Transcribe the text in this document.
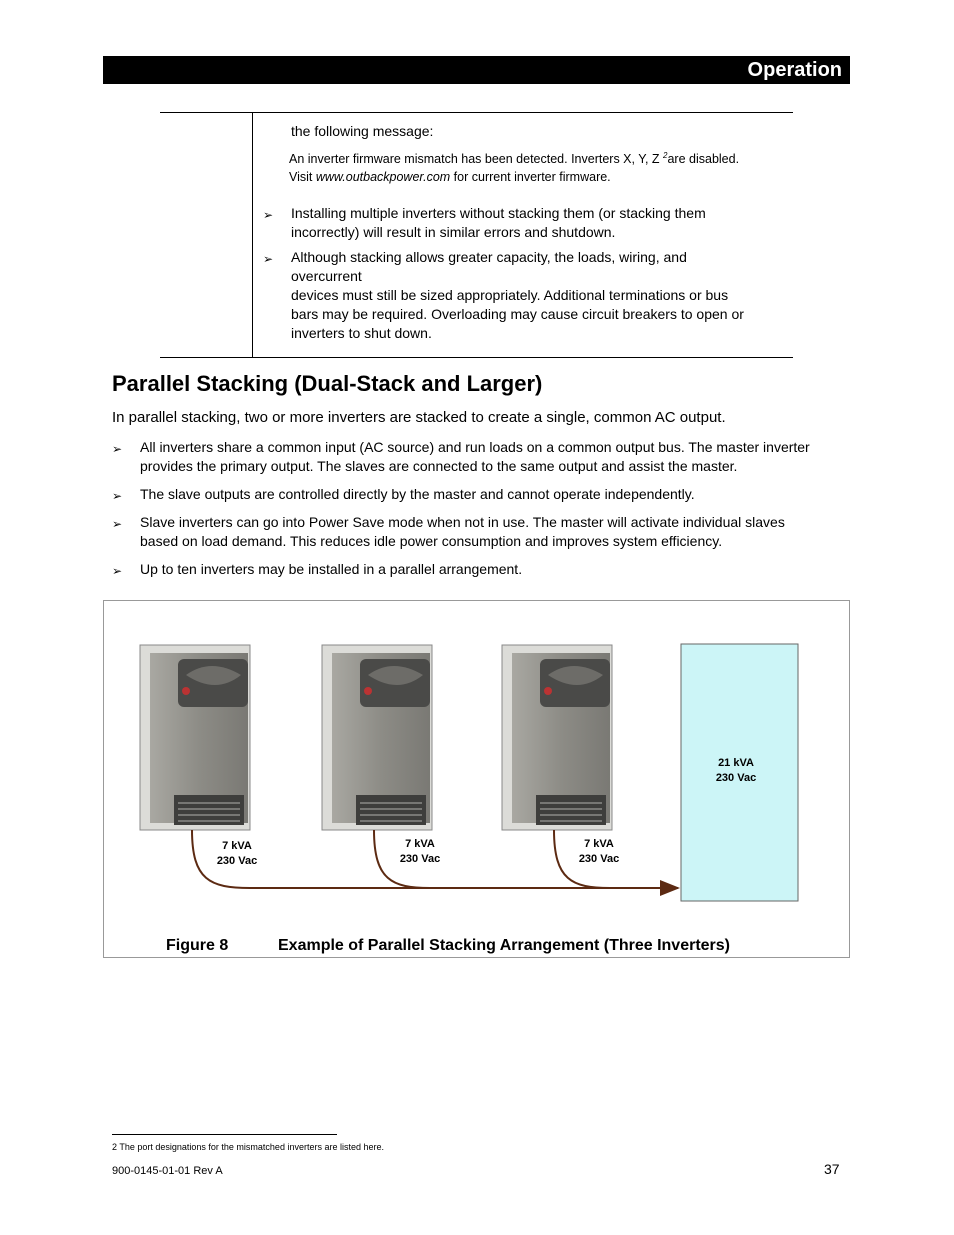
Operation
the following message:
An inverter firmware mismatch has been detected. Inverters X, Y, Z $^2$are disabled.
Visit www.outbackpower.com for current inverter firmware.
➢ Installing multiple inverters without stacking them (or stacking them
incorrectly) will result in similar errors and shutdown.
➢ Although stacking allows greater capacity, the loads, wiring, and
overcurrent
devices must still be sized appropriately. Additional terminations or bus
bars may be required. Overloading may cause circuit breakers to open or
inverters to shut down.
Parallel Stacking (Dual-Stack and Larger)
In parallel stacking, two or more inverters are stacked to create a single, common AC output.
➢ All inverters share a common input (AC source) and run loads on a common output bus. The master inverter
provides the primary output. The slaves are connected to the same output and assist the master.
➢ The slave outputs are controlled directly by the master and cannot operate independently.
➢ Slave inverters can go into Power Save mode when not in use. The master will activate individual slaves
based on load demand. This reduces idle power consumption and improves system efficiency.
➢ Up to ten inverters may be installed in a parallel arrangement.
7 kVA
230 Vac
7 kVA
230 Vac
7 kVA
230 Vac
21 kVA
230 Vac
Figure 8	Example of Parallel Stacking Arrangement (Three Inverters)
2 The port designations for the mismatched inverters are listed here.
900-0145-01-01 Rev A	37
